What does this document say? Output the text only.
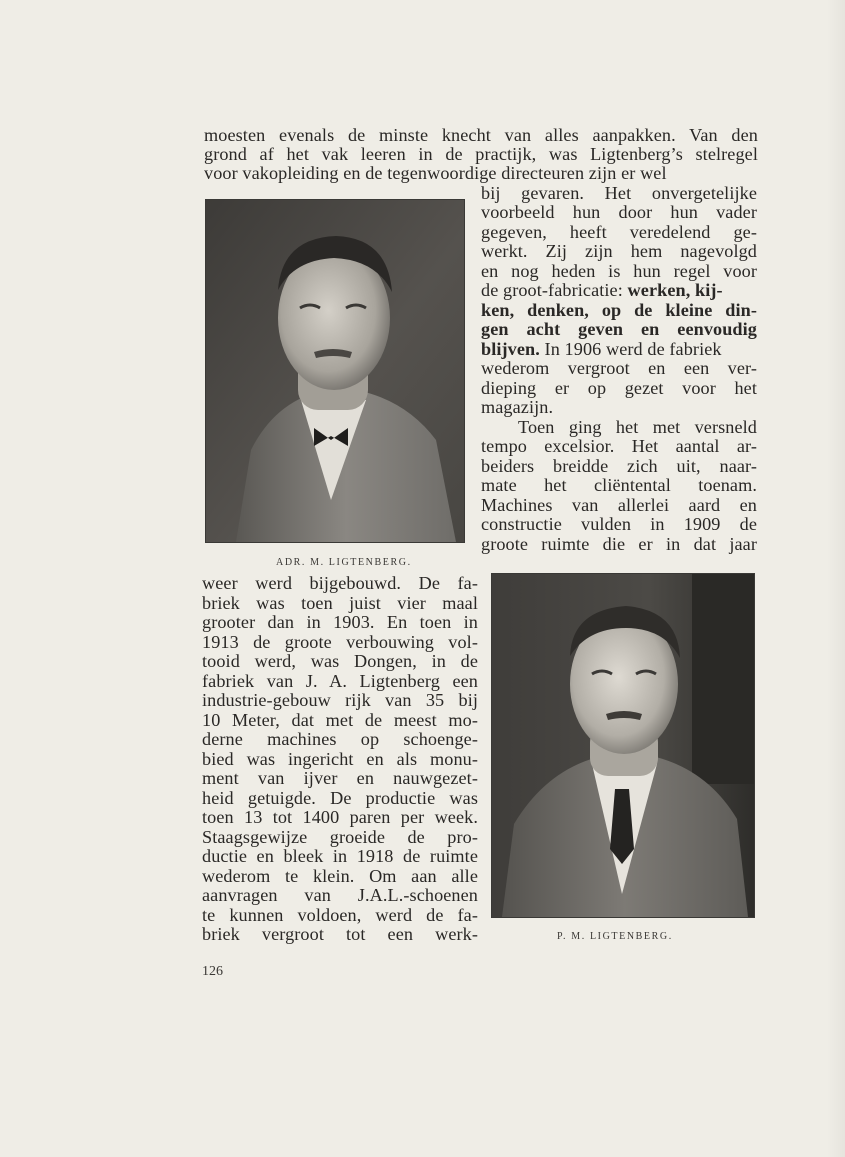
moesten evenals de minste knecht van alles aanpakken. Van den
grond af het vak leeren in de practijk, was Ligtenberg’s stelregel
voor vakopleiding en de tegenwoordige directeuren zijn er wel
bij gevaren. Het onvergetelijke
voorbeeld hun door hun vader
gegeven, heeft veredelend ge-
werkt. Zij zijn hem nagevolgd
en nog heden is hun regel voor
de groot-fabricatie: werken, kij-
ken, denken, op de kleine din-
gen acht geven en eenvoudig
blijven. In 1906 werd de fabriek
wederom vergroot en een ver-
dieping er op gezet voor het
magazijn.
Toen ging het met versneld
tempo excelsior. Het aantal ar-
beiders breidde zich uit, naar-
mate het cliëntental toenam.
Machines van allerlei aard en
constructie vulden in 1909 de
groote ruimte die er in dat jaar
weer werd bijgebouwd. De fa-
briek was toen juist vier maal
grooter dan in 1903. En toen in
1913 de groote verbouwing vol-
tooid werd, was Dongen, in de
fabriek van J. A. Ligtenberg een
industrie-gebouw rijk van 35 bij
10 Meter, dat met de meest mo-
derne machines op schoenge-
bied was ingericht en als monu-
ment van ijver en nauwgezet-
heid getuigde. De productie was
toen 13 tot 1400 paren per week.
Staagsgewijze groeide de pro-
ductie en bleek in 1918 de ruimte
wederom te klein. Om aan alle
aanvragen van J.A.L.-schoenen
te kunnen voldoen, werd de fa-
briek vergroot tot een werk-
ADR. M. LIGTENBERG.
P. M. LIGTENBERG.
126
